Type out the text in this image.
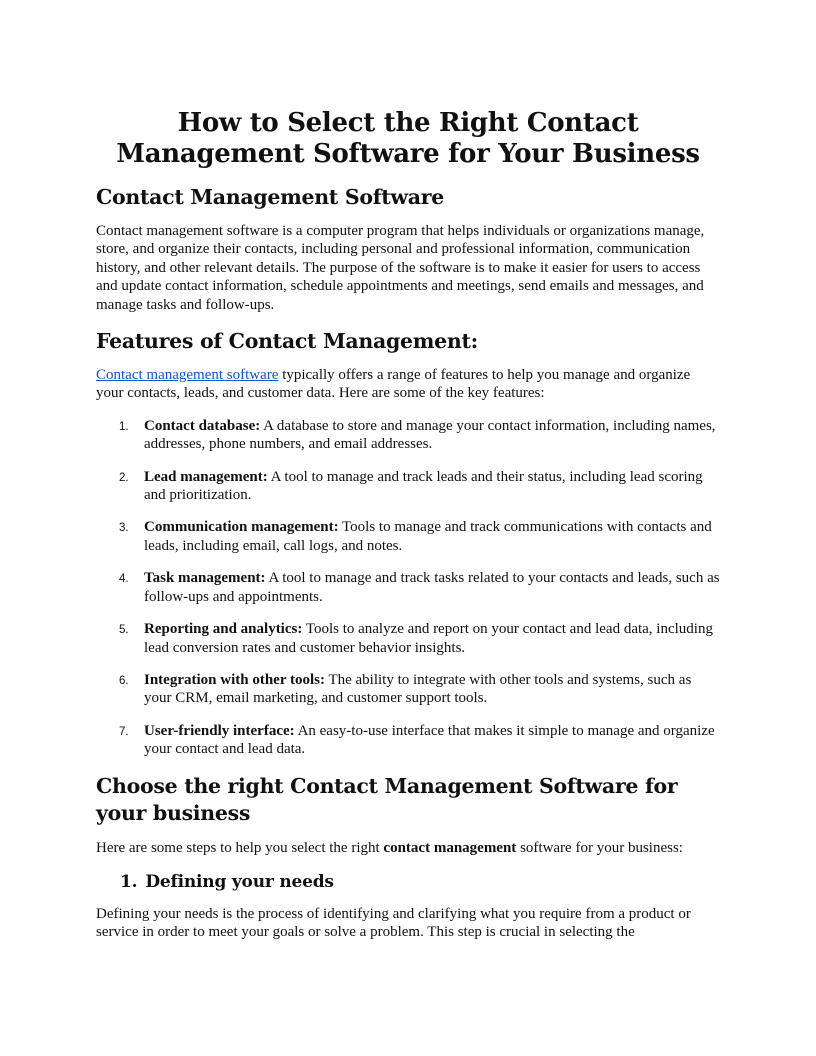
How to Select the Right Contact Management Software for Your Business
Contact Management Software

Contact management software is a computer program that helps individuals or organizations manage, store, and organize their contacts, including personal and professional information, communication history, and other relevant details. The purpose of the software is to make it easier for users to access and update contact information, schedule appointments and meetings, send emails and messages, and manage tasks and follow-ups.

Features of Contact Management:

Contact management software typically offers a range of features to help you manage and organize your contacts, leads, and customer data. Here are some of the key features:

1. Contact database: A database to store and manage your contact information, including names, addresses, phone numbers, and email addresses.
2. Lead management: A tool to manage and track leads and their status, including lead scoring and prioritization.
3. Communication management: Tools to manage and track communications with contacts and leads, including email, call logs, and notes.
4. Task management: A tool to manage and track tasks related to your contacts and leads, such as follow-ups and appointments.
5. Reporting and analytics: Tools to analyze and report on your contact and lead data, including lead conversion rates and customer behavior insights.
6. Integration with other tools: The ability to integrate with other tools and systems, such as your CRM, email marketing, and customer support tools.
7. User-friendly interface: An easy-to-use interface that makes it simple to manage and organize your contact and lead data.
Choose the right Contact Management Software for your business

Here are some steps to help you select the right contact management software for your business:

1. Defining your needs

Defining your needs is the process of identifying and clarifying what you require from a product or service in order to meet your goals or solve a problem. This step is crucial in selecting the
